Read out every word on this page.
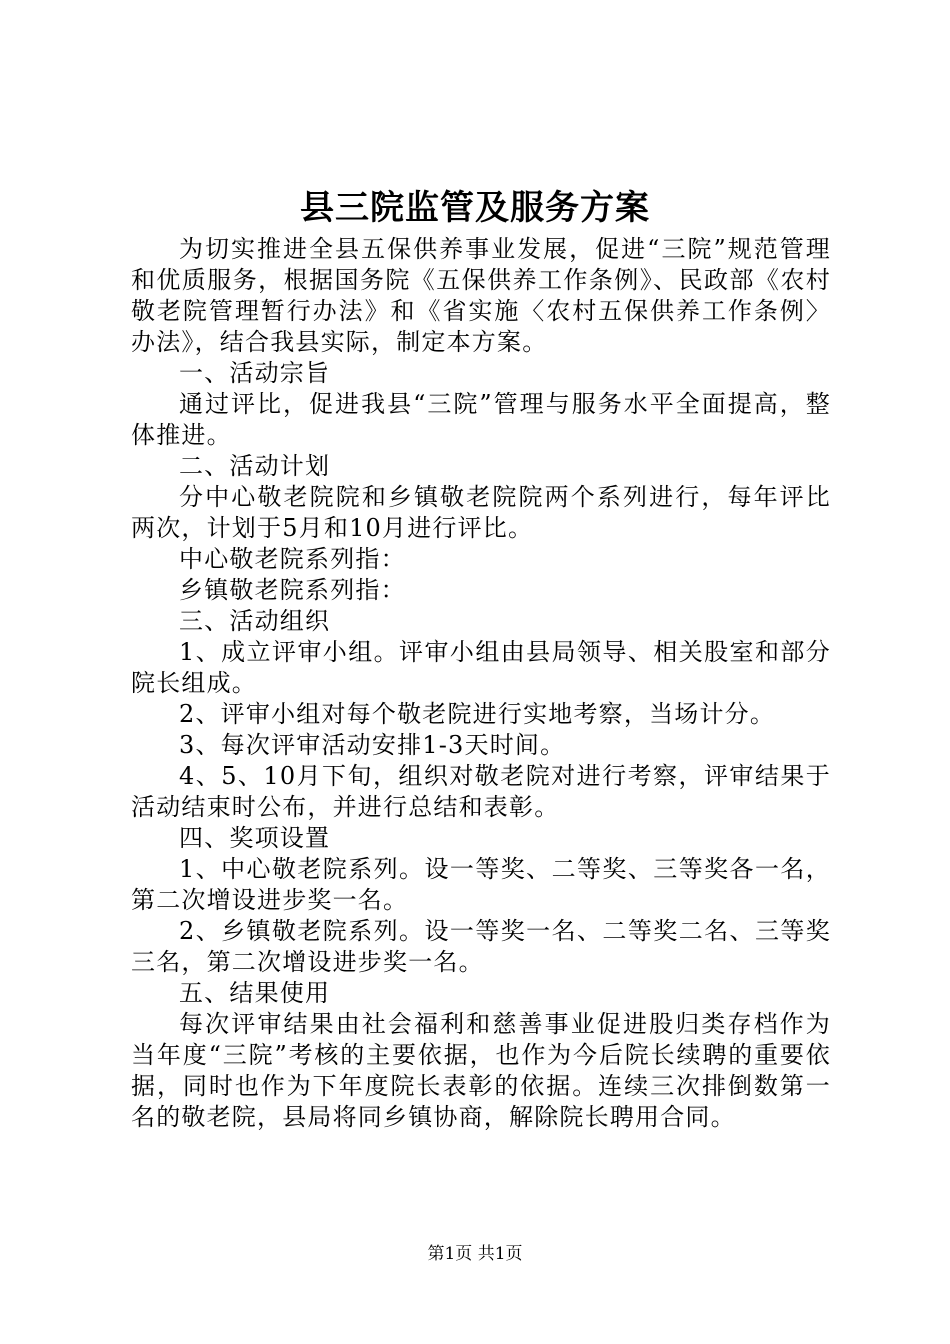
县三院监管及服务方案

为切实推进全县五保供养事业发展，促进“三院”规范管理和优质服务，根据国务院《五保供养工作条例》、民政部《农村敬老院管理暂行办法》和《省实施〈农村五保供养工作条例〉办法》，结合我县实际，制定本方案。

一、活动宗旨

通过评比，促进我县“三院”管理与服务水平全面提高，整体推进。

二、活动计划

分中心敬老院院和乡镇敬老院院两个系列进行，每年评比两次，计划于5月和10月进行评比。

中心敬老院系列指：

乡镇敬老院系列指：

三、活动组织

1、成立评审小组。评审小组由县局领导、相关股室和部分院长组成。

2、评审小组对每个敬老院进行实地考察，当场计分。

3、每次评审活动安排1-3天时间。

4、5、10月下旬，组织对敬老院对进行考察，评审结果于活动结束时公布，并进行总结和表彰。

四、奖项设置

1、中心敬老院系列。设一等奖、二等奖、三等奖各一名，第二次增设进步奖一名。

2、乡镇敬老院系列。设一等奖一名、二等奖二名、三等奖三名，第二次增设进步奖一名。

五、结果使用

每次评审结果由社会福利和慈善事业促进股归类存档作为当年度“三院”考核的主要依据，也作为今后院长续聘的重要依据，同时也作为下年度院长表彰的依据。连续三次排倒数第一名的敬老院，县局将同乡镇协商，解除院长聘用合同。

第1页 共1页
